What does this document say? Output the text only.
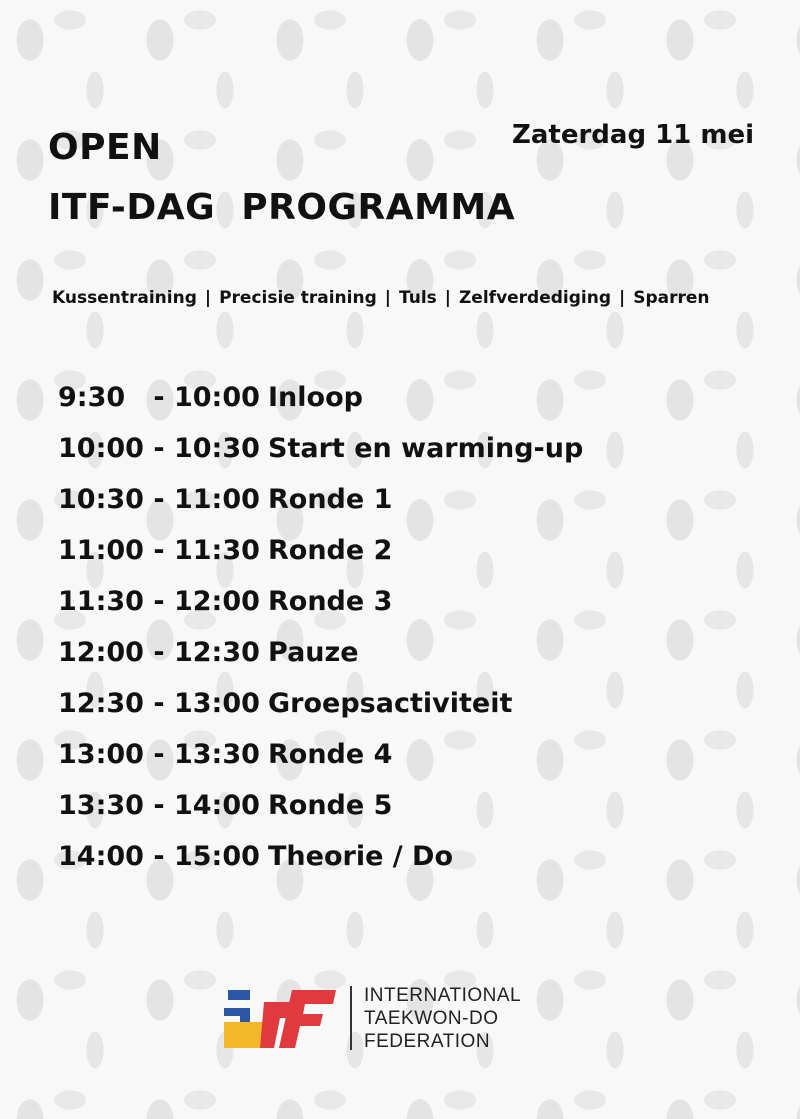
OPEN
ITF-DAG  PROGRAMMA
Zaterdag 11 mei
Kussentraining | Precisie training | Tuls | Zelfverdediging | Sparren
9:30   - 10:00 Inloop
10:00 - 10:30 Start en warming-up
10:30 - 11:00 Ronde 1
11:00 - 11:30 Ronde 2
11:30 - 12:00 Ronde 3
12:00 - 12:30 Pauze
12:30 - 13:00 Groepsactiviteit
13:00 - 13:30 Ronde 4
13:30 - 14:00 Ronde 5
14:00 - 15:00 Theorie / Do
INTERNATIONAL
TAEKWON-DO
FEDERATION
